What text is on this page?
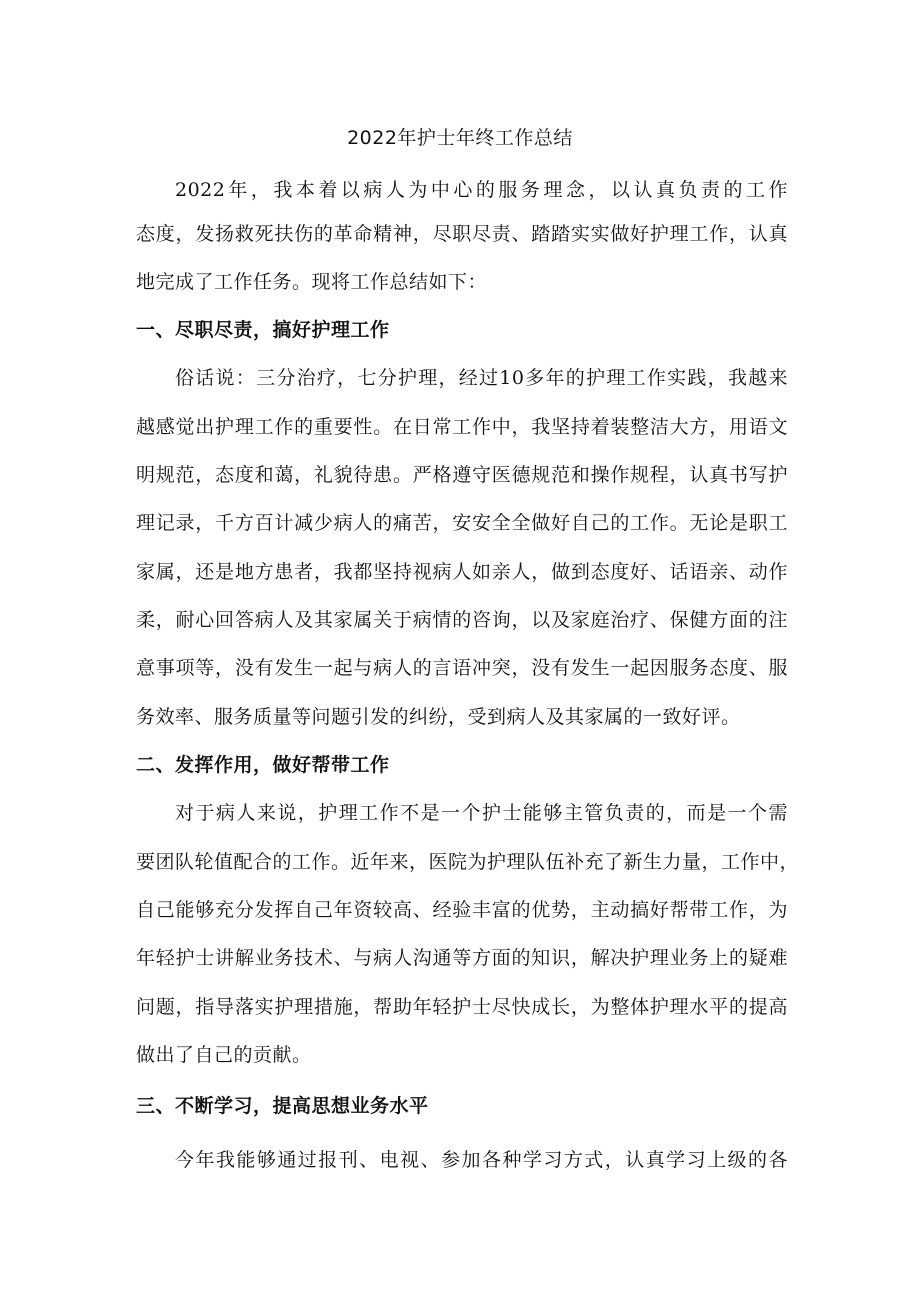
2022年护士年终工作总结
2022年，我本着以病人为中心的服务理念，以认真负责的工作
态度，发扬救死扶伤的革命精神，尽职尽责、踏踏实实做好护理工作，认真
地完成了工作任务。现将工作总结如下：
一、尽职尽责，搞好护理工作
俗话说：三分治疗，七分护理，经过10多年的护理工作实践，我越来
越感觉出护理工作的重要性。在日常工作中，我坚持着装整洁大方，用语文
明规范，态度和蔼，礼貌待患。严格遵守医德规范和操作规程，认真书写护
理记录，千方百计减少病人的痛苦，安安全全做好自己的工作。无论是职工
家属，还是地方患者，我都坚持视病人如亲人，做到态度好、话语亲、动作
柔，耐心回答病人及其家属关于病情的咨询，以及家庭治疗、保健方面的注
意事项等，没有发生一起与病人的言语冲突，没有发生一起因服务态度、服
务效率、服务质量等问题引发的纠纷，受到病人及其家属的一致好评。
二、发挥作用，做好帮带工作
对于病人来说，护理工作不是一个护士能够主管负责的，而是一个需
要团队轮值配合的工作。近年来，医院为护理队伍补充了新生力量，工作中，
自己能够充分发挥自己年资较高、经验丰富的优势，主动搞好帮带工作，为
年轻护士讲解业务技术、与病人沟通等方面的知识，解决护理业务上的疑难
问题，指导落实护理措施，帮助年轻护士尽快成长，为整体护理水平的提高
做出了自己的贡献。
三、不断学习，提高思想业务水平
今年我能够通过报刊、电视、参加各种学习方式，认真学习上级的各
